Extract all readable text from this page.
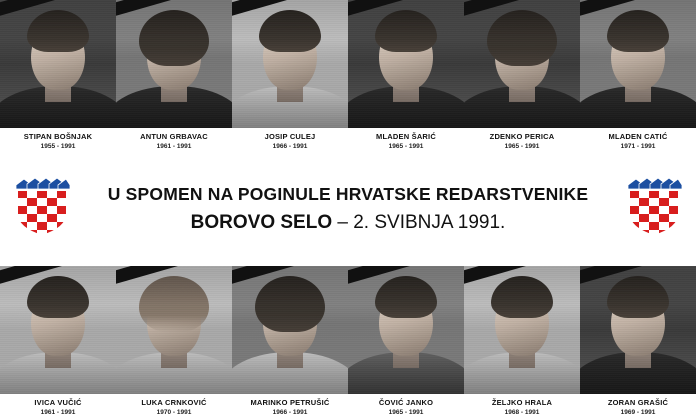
STIPAN BOŠNJAK
1955 - 1991
ANTUN GRBAVAC
1961 - 1991
JOSIP CULEJ
1966 - 1991
MLADEN ŠARIĆ
1965 - 1991
ZDENKO PERICA
1965 - 1991
MLADEN CATIĆ
1971 - 1991
U SPOMEN NA POGINULE HRVATSKE REDARSTVENIKE
BOROVO SELO – 2. SVIBNJA 1991.
IVICA VUČIĆ
1961 - 1991
LUKA CRNKOVIĆ
1970 - 1991
MARINKO PETRUŠIĆ
1966 - 1991
ČOVIĆ JANKO
1965 - 1991
ŽELJKO HRALA
1968 - 1991
ZORAN GRAŠIĆ
1969 - 1991
